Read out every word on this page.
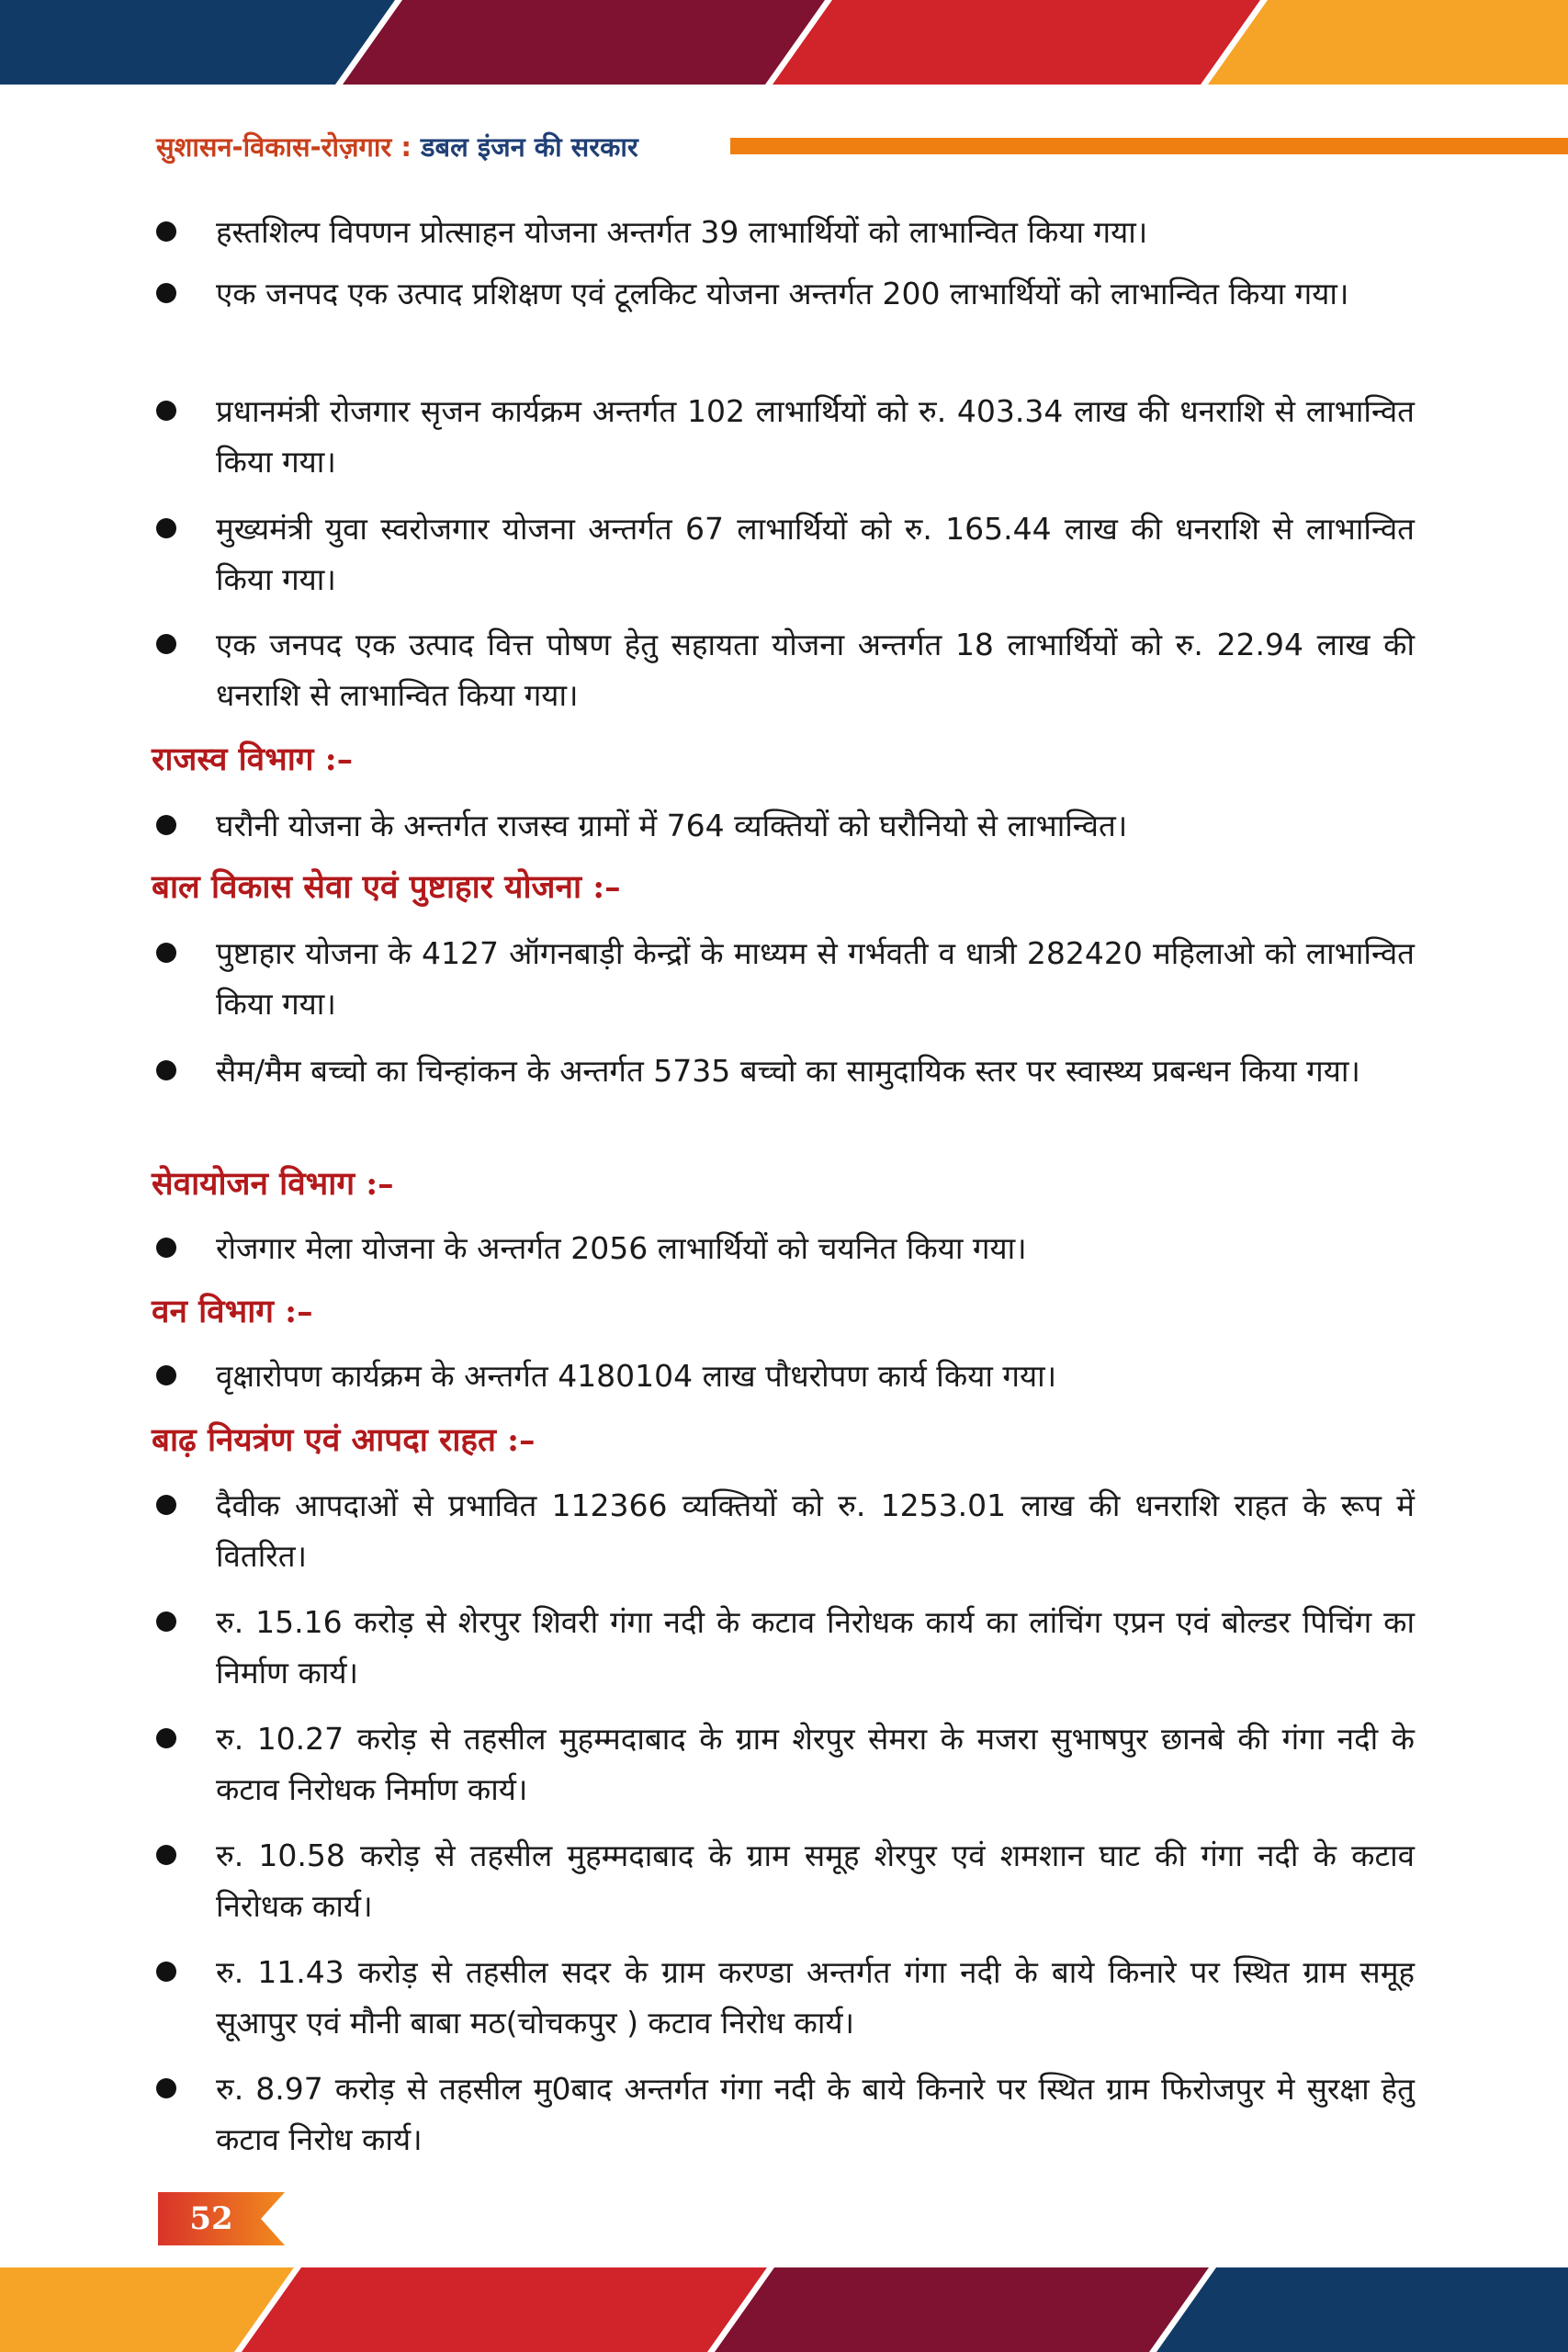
सुशासन-विकास-रोज़गार : डबल इंजन की सरकार
हस्तशिल्प विपणन प्रोत्साहन योजना अन्तर्गत 39 लाभार्थियों को लाभान्वित किया गया।
एक जनपद एक उत्पाद प्रशिक्षण एवं टूलकिट योजना अन्तर्गत 200 लाभार्थियों को लाभान्वित किया गया।
प्रधानमंत्री रोजगार सृजन कार्यक्रम अन्तर्गत 102 लाभार्थियों को रु. 403.34 लाख की धनराशि से लाभान्वित किया गया।
मुख्यमंत्री युवा स्वरोजगार योजना अन्तर्गत 67 लाभार्थियों को रु. 165.44 लाख की धनराशि से लाभान्वित किया गया।
एक जनपद एक उत्पाद वित्त पोषण हेतु सहायता योजना अन्तर्गत 18 लाभार्थियों को रु. 22.94 लाख की धनराशि से लाभान्वित किया गया।
राजस्व विभाग :–
घरौनी योजना के अन्तर्गत राजस्व ग्रामों में 764 व्यक्तियों को घरौनियो से लाभान्वित।
बाल विकास सेवा एवं पुष्टाहार योजना :–
पुष्टाहार योजना के 4127 ऑगनबाड़ी केन्द्रों के माध्यम से गर्भवती व धात्री 282420 महिलाओ को लाभान्वित किया गया।
सैम/मैम बच्चो का चिन्हांकन के अन्तर्गत 5735 बच्चो का सामुदायिक स्तर पर स्वास्थ्य प्रबन्धन किया गया।
सेवायोजन विभाग :–
रोजगार मेला योजना के अन्तर्गत 2056 लाभार्थियों को चयनित किया गया।
वन विभाग :–
वृक्षारोपण कार्यक्रम के अन्तर्गत 4180104 लाख पौधरोपण कार्य किया गया।
बाढ़ नियत्रंण एवं आपदा राहत :–
दैवीक आपदाओं से प्रभावित 112366 व्यक्तियों को रु. 1253.01 लाख की धनराशि राहत के रूप में वितरित।
रु. 15.16 करोड़ से शेरपुर शिवरी गंगा नदी के कटाव निरोधक कार्य का लांचिंग एप्रन एवं बोल्डर पिचिंग का निर्माण कार्य।
रु. 10.27 करोड़ से तहसील मुहम्मदाबाद के ग्राम शेरपुर सेमरा के मजरा सुभाषपुर छानबे की गंगा नदी के कटाव निरोधक निर्माण कार्य।
रु. 10.58 करोड़ से तहसील मुहम्मदाबाद के ग्राम समूह शेरपुर एवं शमशान घाट की गंगा नदी के कटाव निरोधक कार्य।
रु. 11.43 करोड़ से तहसील सदर के ग्राम करण्डा अन्तर्गत गंगा नदी के बाये किनारे पर स्थित ग्राम समूह सूआपुर एवं मौनी बाबा मठ(चोचकपुर ) कटाव निरोध कार्य।
रु. 8.97 करोड़ से तहसील मु0बाद अन्तर्गत गंगा नदी के बाये किनारे पर स्थित ग्राम फिरोजपुर मे सुरक्षा हेतु कटाव निरोध कार्य।
52
